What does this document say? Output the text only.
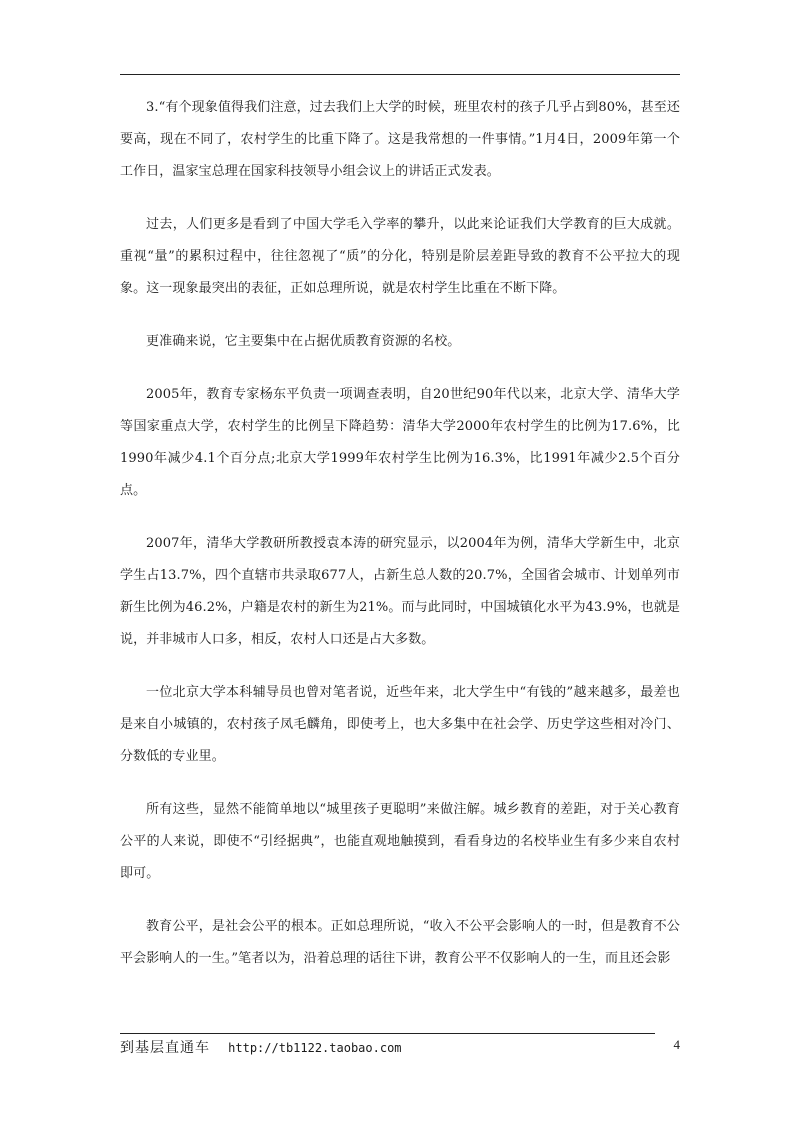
3.“有个现象值得我们注意，过去我们上大学的时候，班里农村的孩子几乎占到80%，甚至还要高，现在不同了，农村学生的比重下降了。这是我常想的一件事情。”1月4日，2009年第一个工作日，温家宝总理在国家科技领导小组会议上的讲话正式发表。

过去，人们更多是看到了中国大学毛入学率的攀升，以此来论证我们大学教育的巨大成就。重视“量”的累积过程中，往往忽视了“质”的分化，特别是阶层差距导致的教育不公平拉大的现象。这一现象最突出的表征，正如总理所说，就是农村学生比重在不断下降。

更准确来说，它主要集中在占据优质教育资源的名校。

2005年，教育专家杨东平负责一项调查表明，自20世纪90年代以来，北京大学、清华大学等国家重点大学，农村学生的比例呈下降趋势：清华大学2000年农村学生的比例为17.6%，比1990年减少4.1个百分点;北京大学1999年农村学生比例为16.3%，比1991年减少2.5个百分点。

2007年，清华大学教研所教授袁本涛的研究显示，以2004年为例，清华大学新生中，北京学生占13.7%，四个直辖市共录取677人，占新生总人数的20.7%，全国省会城市、计划单列市新生比例为46.2%，户籍是农村的新生为21%。而与此同时，中国城镇化水平为43.9%，也就是说，并非城市人口多，相反，农村人口还是占大多数。

一位北京大学本科辅导员也曾对笔者说，近些年来，北大学生中“有钱的”越来越多，最差也是来自小城镇的，农村孩子凤毛麟角，即使考上，也大多集中在社会学、历史学这些相对冷门、分数低的专业里。

所有这些，显然不能简单地以“城里孩子更聪明”来做注解。城乡教育的差距，对于关心教育公平的人来说，即使不“引经据典”，也能直观地触摸到，看看身边的名校毕业生有多少来自农村即可。

教育公平，是社会公平的根本。正如总理所说，“收入不公平会影响人的一时，但是教育不公平会影响人的一生。”笔者以为，沿着总理的话往下讲，教育公平不仅影响人的一生，而且还会影

到基层直通车 http://tb1122.taobao.com	4
